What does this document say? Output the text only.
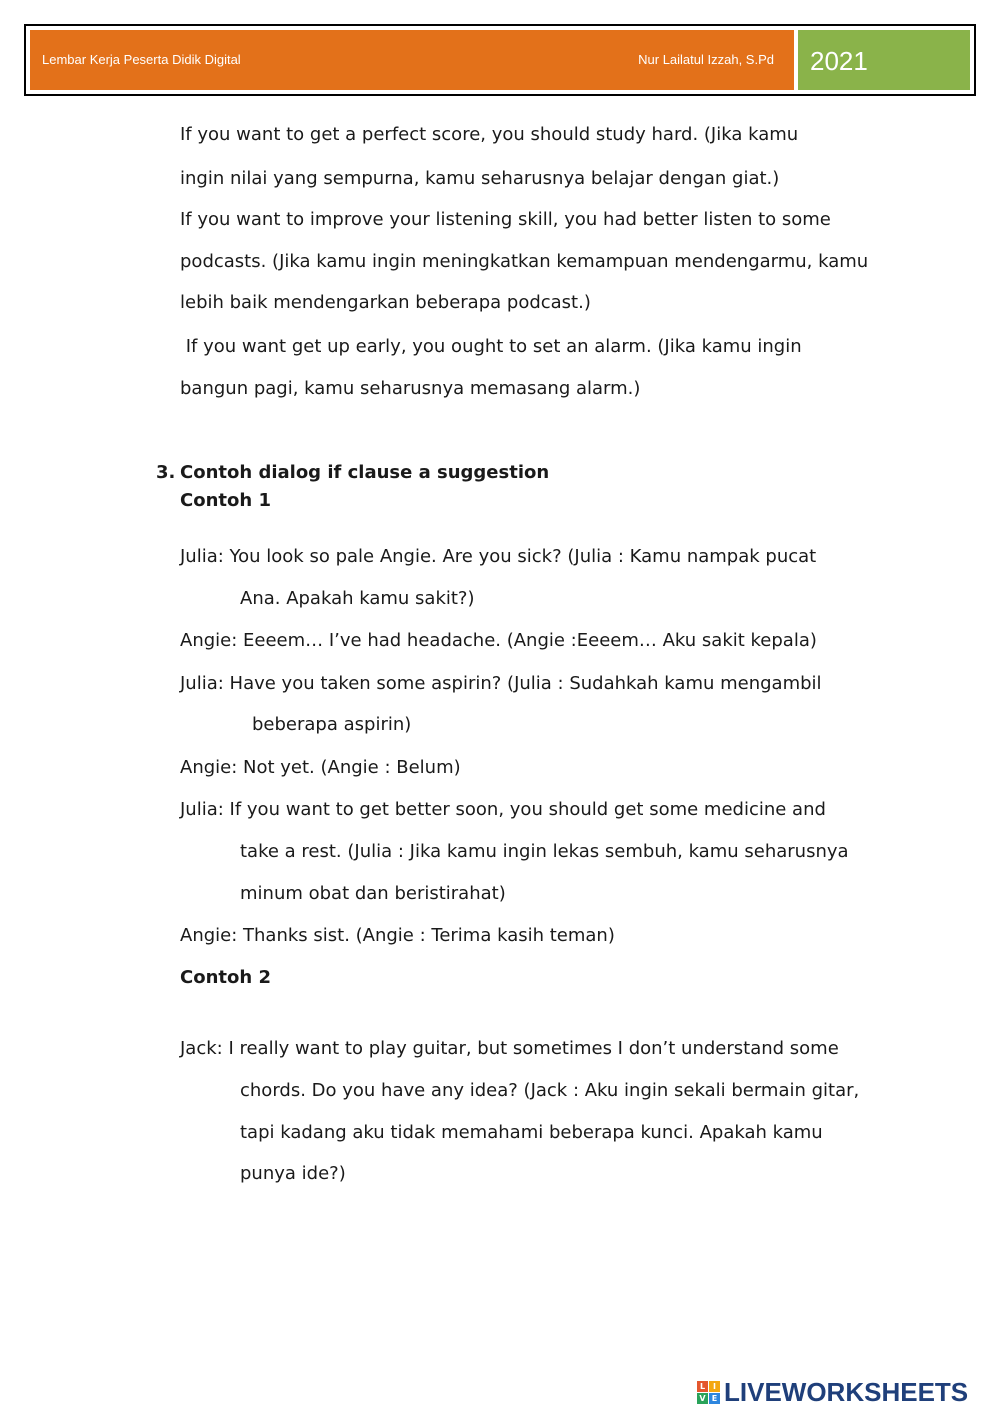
Lembar Kerja Peserta Didik Digital	Nur Lailatul Izzah, S.Pd 2021
If you want to get a perfect score, you should study hard. (Jika kamu
ingin nilai yang sempurna, kamu seharusnya belajar dengan giat.)
If you want to improve your listening skill, you had better listen to some
podcasts. (Jika kamu ingin meningkatkan kemampuan mendengarmu, kamu
lebih baik mendengarkan beberapa podcast.)
If you want get up early, you ought to set an alarm. (Jika kamu ingin
bangun pagi, kamu seharusnya memasang alarm.)
3. Contoh dialog if clause a suggestion
Contoh 1
Julia: You look so pale Angie. Are you sick? (Julia : Kamu nampak pucat
Ana. Apakah kamu sakit?)
Angie: Eeeem… I’ve had headache. (Angie :Eeeem… Aku sakit kepala)
Julia: Have you taken some aspirin? (Julia : Sudahkah kamu mengambil
beberapa aspirin)
Angie: Not yet. (Angie : Belum)
Julia: If you want to get better soon, you should get some medicine and
take a rest. (Julia : Jika kamu ingin lekas sembuh, kamu seharusnya
minum obat dan beristirahat)
Angie: Thanks sist. (Angie : Terima kasih teman)
Contoh 2
Jack: I really want to play guitar, but sometimes I don’t understand some
chords. Do you have any idea? (Jack : Aku ingin sekali bermain gitar,
tapi kadang aku tidak memahami beberapa kunci. Apakah kamu
punya ide?)
L I
V E LIVEWORKSHEETS
